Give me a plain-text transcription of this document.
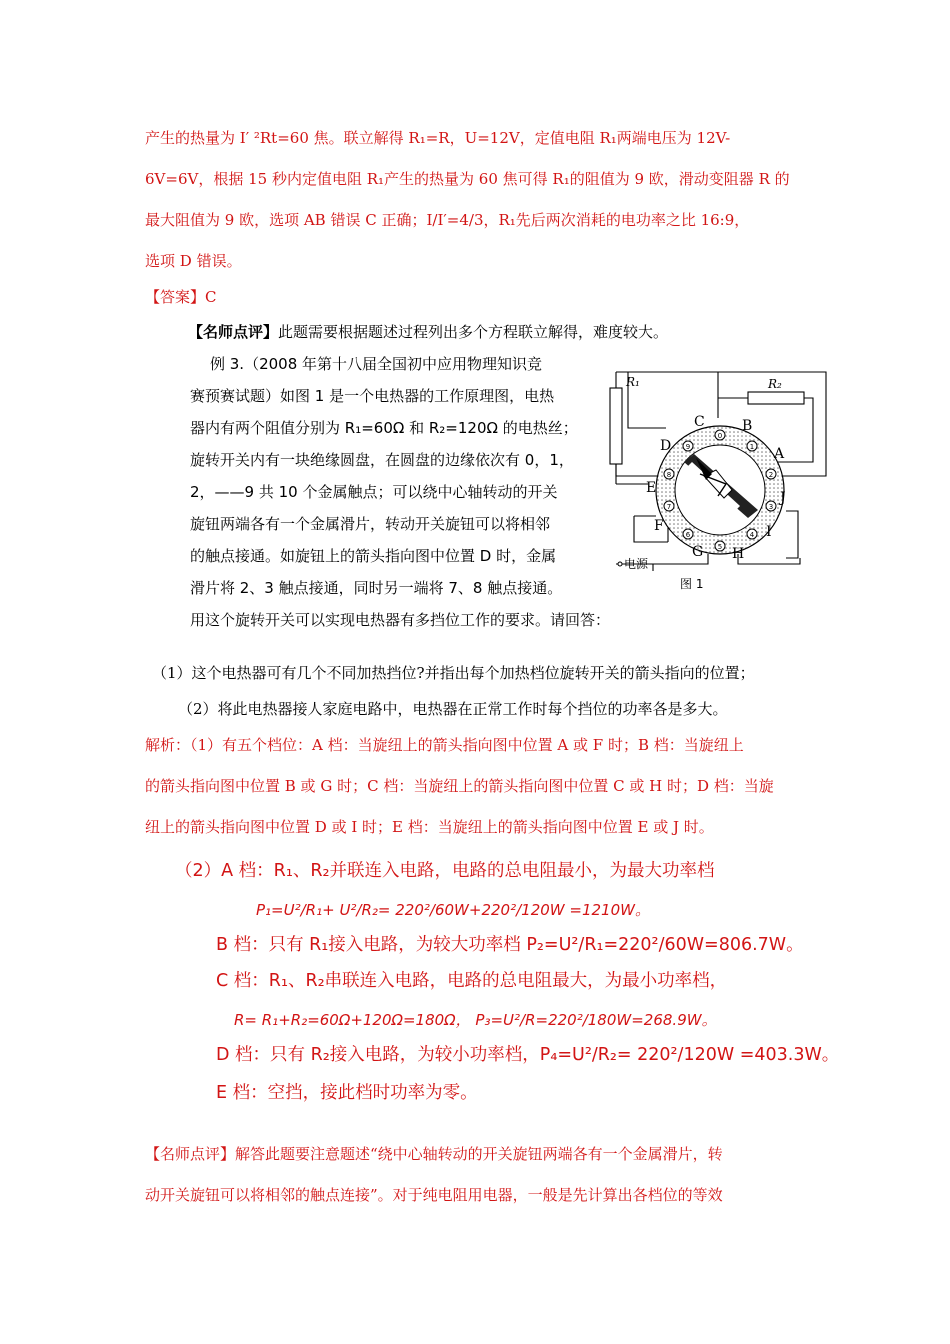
产生的热量为 I′ ²Rt=60 焦。联立解得 R₁=R，U=12V，定值电阻 R₁两端电压为 12V-
6V=6V，根据 15 秒内定值电阻 R₁产生的热量为 60 焦可得 R₁的阻值为 9 欧，滑动变阻器 R 的
最大阻值为 9 欧，选项 AB 错误 C 正确；I/I′=4/3，R₁先后两次消耗的电功率之比 16:9，
选项 D 错误。
【答案】C
【名师点评】此题需要根据题述过程列出多个方程联立解得，难度较大。
例 3.（2008 年第十八届全国初中应用物理知识竞
赛预赛试题）如图 1 是一个电热器的工作原理图，电热
器内有两个阻值分别为 R₁=60Ω 和 R₂=120Ω 的电热丝；
旋转开关内有一块绝缘圆盘，在圆盘的边缘依次有 0，1，
2，——9 共 10 个金属触点；可以绕中心轴转动的开关
旋钮两端各有一个金属滑片，转动开关旋钮可以将相邻
的触点接通。如旋钮上的箭头指向图中位置 D 时，金属
滑片将 2、3 触点接通，同时另一端将 7、8 触点接通。
用这个旋转开关可以实现电热器有多挡位工作的要求。请回答：
0
1
2
3
4
5
6
7
8
9	A
B
C
D
E
F
G H
I
J
R₁	R₂
电源
图 1
（1）这个电热器可有几个不同加热挡位?并指出每个加热档位旋转开关的箭头指向的位置；
（2）将此电热器接人家庭电路中，电热器在正常工作时每个挡位的功率各是多大。
解析：（1）有五个档位：A 档：当旋纽上的箭头指向图中位置 A 或 F 时；B 档：当旋纽上
的箭头指向图中位置 B 或 G 时；C 档：当旋纽上的箭头指向图中位置 C 或 H 时；D 档：当旋
纽上的箭头指向图中位置 D 或 I 时；E 档：当旋纽上的箭头指向图中位置 E 或 J 时。
（2）A 档：R₁、R₂并联连入电路，电路的总电阻最小，为最大功率档
P₁=U²/R₁+ U²/R₂= 220²/60W+220²/120W =1210W。
B 档：只有 R₁接入电路，为较大功率档 P₂=U²/R₁=220²/60W=806.7W。
C 档：R₁、R₂串联连入电路，电路的总电阻最大，为最小功率档，
R= R₁+R₂=60Ω+120Ω=180Ω， P₃=U²/R=220²/180W=268.9W。
D 档：只有 R₂接入电路，为较小功率档，P₄=U²/R₂= 220²/120W =403.3W。
E 档：空挡，接此档时功率为零。
【名师点评】解答此题要注意题述“绕中心轴转动的开关旋钮两端各有一个金属滑片，转
动开关旋钮可以将相邻的触点连接”。对于纯电阻用电器，一般是先计算出各档位的等效
